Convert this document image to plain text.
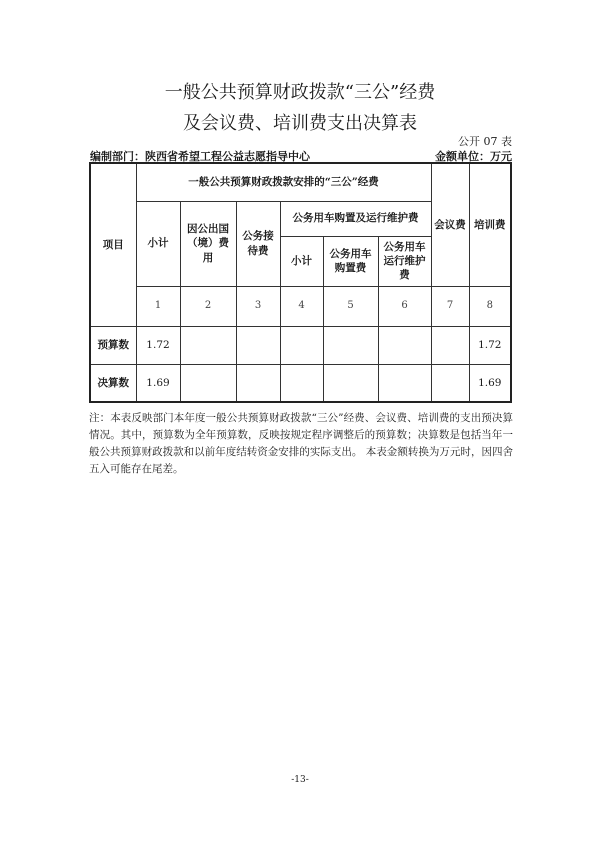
一般公共预算财政拨款“三公”经费
及会议费、培训费支出决算表
公开 07 表
编制部门：陕西省希望工程公益志愿指导中心	金额单位：万元
项目	一般公共预算财政拨款安排的“三公”经费						会议费	培训费
	小计	因公出国（境）费用	公务接待费	公务用车购置及运行维护费				
				小计	公务用车购置费	公务用车运行维护费		
	1	2	3	4	5	6	7	8
预算数	1.72							1.72
决算数	1.69							1.69
注：本表反映部门本年度一般公共预算财政拨款“三公”经费、会议费、培训费的支出预决算情况。其中，预算数为全年预算数，反映按规定程序调整后的预算数；决算数是包括当年一般公共预算财政拨款和以前年度结转资金安排的实际支出。 本表金额转换为万元时，因四舍五入可能存在尾差。
-13-
